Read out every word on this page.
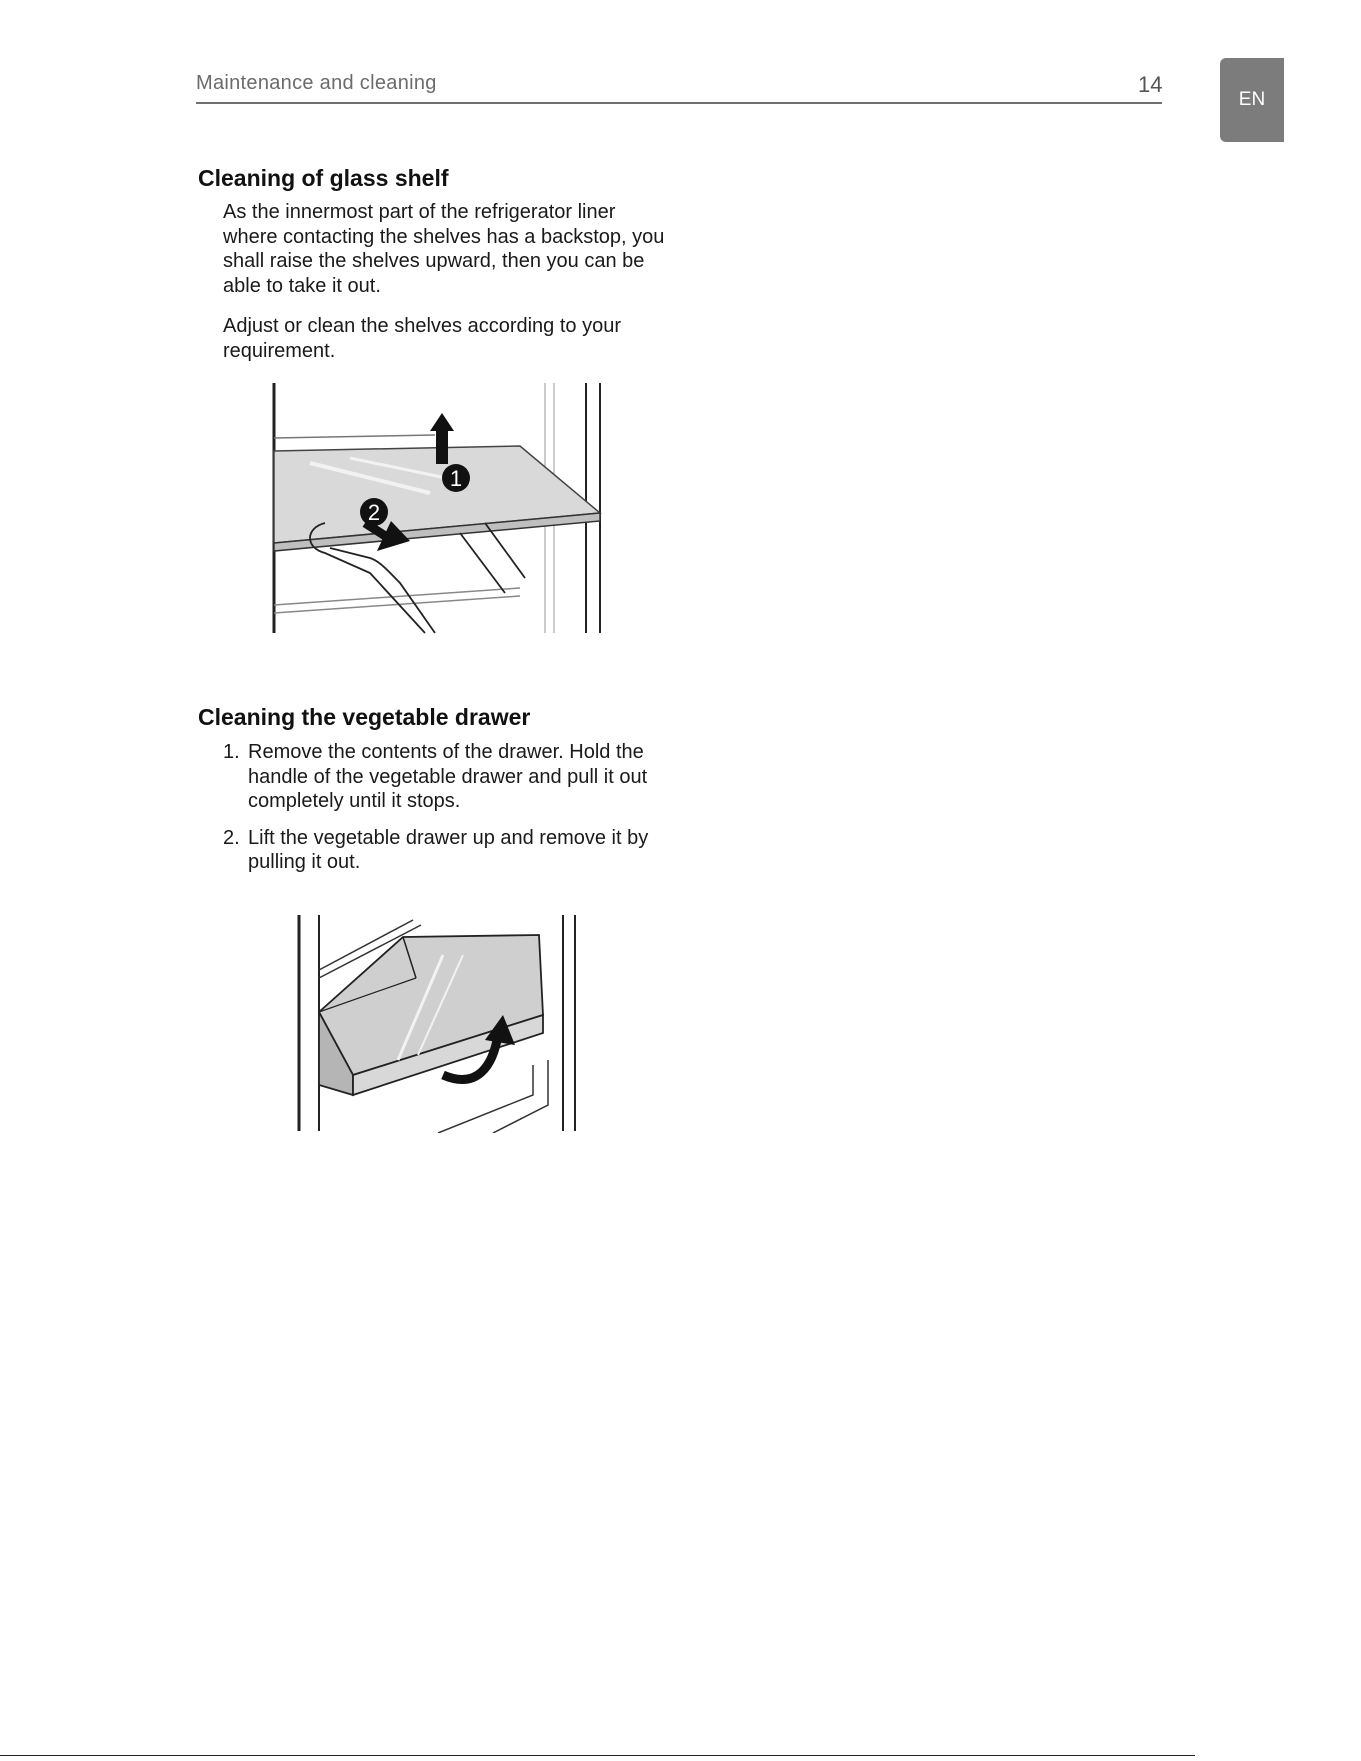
Maintenance and cleaning	14
EN
Cleaning of glass shelf

As the innermost part of the refrigerator liner where contacting the shelves has a backstop, you shall raise the shelves upward, then you can be able to take it out.

Adjust or clean the shelves according to your requirement.

1
2
Cleaning the vegetable drawer
1. Remove the contents of the drawer. Hold the handle of the vegetable drawer and pull it out completely until it stops.
2. Lift the vegetable drawer up and remove it by pulling it out.
